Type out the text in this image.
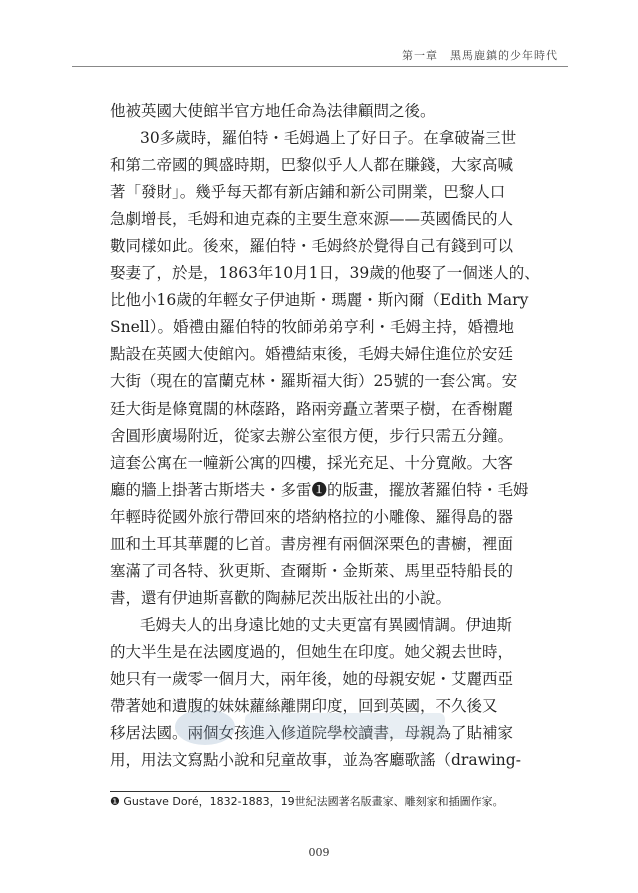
第一章　黑馬鹿鎮的少年時代
他被英國大使館半官方地任命為法律顧問之後。
30多歲時，羅伯特・毛姆過上了好日子。在拿破崙三世
和第二帝國的興盛時期，巴黎似乎人人都在賺錢，大家高喊
著「發財」。幾乎每天都有新店鋪和新公司開業，巴黎人口
急劇增長，毛姆和迪克森的主要生意來源——英國僑民的人
數同樣如此。後來，羅伯特・毛姆終於覺得自己有錢到可以
娶妻了，於是，1863年10月1日，39歲的他娶了一個迷人的、
比他小16歲的年輕女子伊迪斯・瑪麗・斯內爾（Edith Mary
Snell）。婚禮由羅伯特的牧師弟弟亨利・毛姆主持，婚禮地
點設在英國大使館內。婚禮結束後，毛姆夫婦住進位於安廷
大街（現在的富蘭克林・羅斯福大街）25號的一套公寓。安
廷大街是條寬闊的林蔭路，路兩旁矗立著栗子樹，在香榭麗
舍圓形廣場附近，從家去辦公室很方便，步行只需五分鐘。
這套公寓在一幢新公寓的四樓，採光充足、十分寬敞。大客
廳的牆上掛著古斯塔夫・多雷❶的版畫，擺放著羅伯特・毛姆
年輕時從國外旅行帶回來的塔納格拉的小雕像、羅得島的器
皿和土耳其華麗的匕首。書房裡有兩個深栗色的書櫥，裡面
塞滿了司各特、狄更斯、查爾斯・金斯萊、馬里亞特船長的
書，還有伊迪斯喜歡的陶赫尼茨出版社出的小說。
毛姆夫人的出身遠比她的丈夫更富有異國情調。伊迪斯
的大半生是在法國度過的，但她生在印度。她父親去世時，
她只有一歲零一個月大，兩年後，她的母親安妮・艾麗西亞
帶著她和遺腹的妹妹蘿絲離開印度，回到英國，不久後又
移居法國。兩個女孩進入修道院學校讀書，母親為了貼補家
用，用法文寫點小說和兒童故事，並為客廳歌謠（drawing-
❶ Gustave Doré，1832-1883，19世紀法國著名版畫家、雕刻家和插圖作家。
009
